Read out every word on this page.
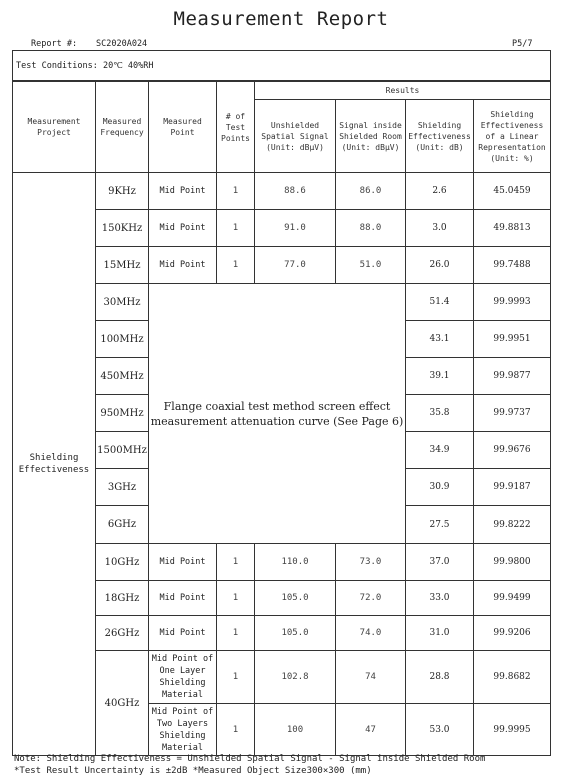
Measurement Report
Report #: SC2020A024	P5/7
Test Conditions: 20℃ 40%RH
Measurement Project	Measured Frequency	Measured Point	# of Test Points	Results			
				Unshielded Spatial Signal (Unit: dBμV)	Signal inside Shielded Room (Unit: dBμV)	Shielding Effectiveness (Unit: dB)	Shielding Effectiveness of a Linear Representation (Unit: %)
Shielding Effectiveness	9KHz	Mid Point	1	88.6	86.0	2.6	45.0459
	150KHz	Mid Point	1	91.0	88.0	3.0	49.8813
	15MHz	Mid Point	1	77.0	51.0	26.0	99.7488
	30MHz	Flange coaxial test method screen effect measurement attenuation curve (See Page 6)				51.4	99.9993
	100MHz					43.1	99.9951
	450MHz					39.1	99.9877
	950MHz					35.8	99.9737
	1500MHz					34.9	99.9676
	3GHz					30.9	99.9187
	6GHz					27.5	99.8222
	10GHz	Mid Point	1	110.0	73.0	37.0	99.9800
	18GHz	Mid Point	1	105.0	72.0	33.0	99.9499
	26GHz	Mid Point	1	105.0	74.0	31.0	99.9206
	40GHz	Mid Point of One Layer Shielding Material	1	102.8	74	28.8	99.8682
		Mid Point of Two Layers Shielding Material	1	100	47	53.0	99.9995
Note: Shielding Effectiveness = Unshielded Spatial Signal - Signal inside Shielded Room
*Test Result Uncertainty is ±2dB *Measured Object Size300×300 (mm)
